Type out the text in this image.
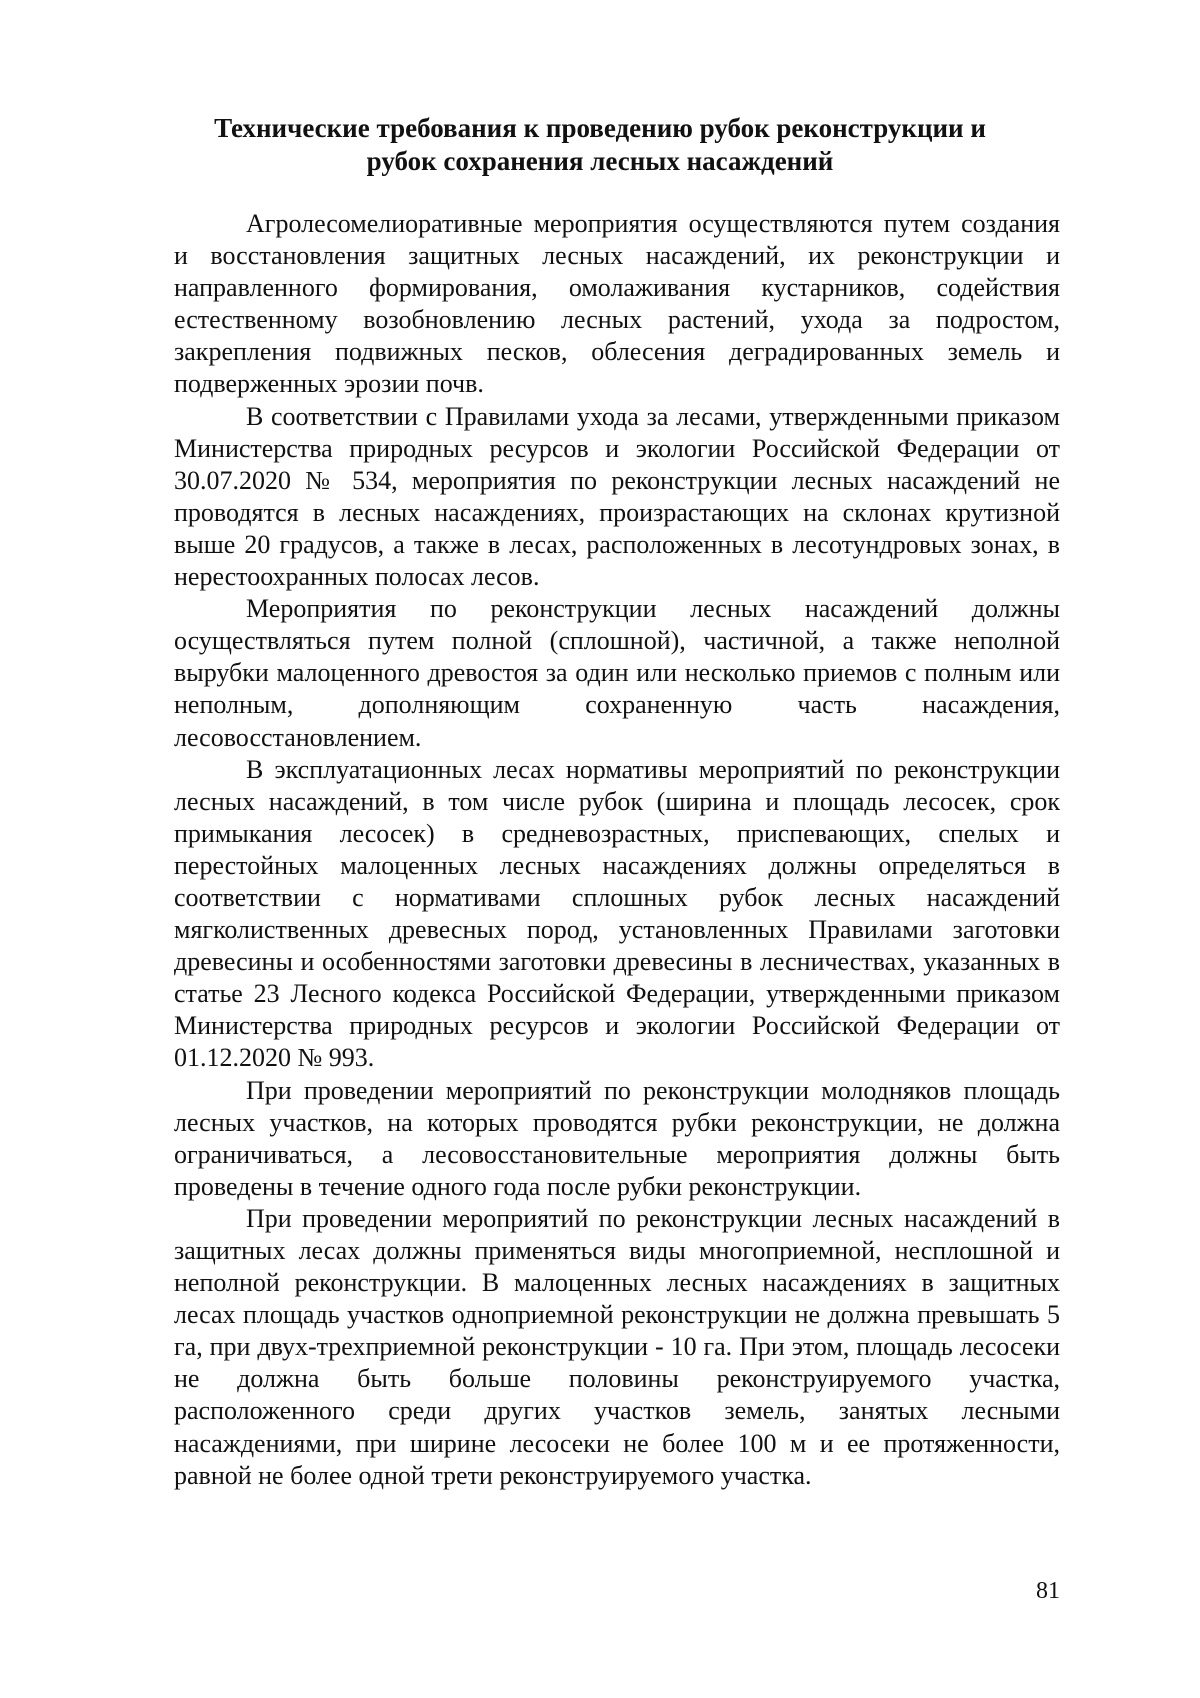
Технические требования к проведению рубок реконструкции и
рубок сохранения лесных насаждений

Агролесомелиоративные мероприятия осуществляются путем создания и восстановления защитных лесных насаждений, их реконструкции и направленного формирования, омолаживания кустарников, содействия естественному возобновлению лесных растений, ухода за подростом, закрепления подвижных песков, облесения деградированных земель и подверженных эрозии почв.

В соответствии с Правилами ухода за лесами, утвержденными приказом Министерства природных ресурсов и экологии Российской Федерации от 30.07.2020 № 534, мероприятия по реконструкции лесных насаждений не проводятся в лесных насаждениях, произрастающих на склонах крутизной выше 20 градусов, а также в лесах, расположенных в лесотундровых зонах, в нерестоохранных полосах лесов.

Мероприятия по реконструкции лесных насаждений должны осуществляться путем полной (сплошной), частичной, а также неполной вырубки малоценного древостоя за один или несколько приемов с полным или неполным, дополняющим сохраненную часть насаждения, лесовосстановлением.

В эксплуатационных лесах нормативы мероприятий по реконструкции лесных насаждений, в том числе рубок (ширина и площадь лесосек, срок примыкания лесосек) в средневозрастных, приспевающих, спелых и перестойных малоценных лесных насаждениях должны определяться в соответствии с нормативами сплошных рубок лесных насаждений мягколиственных древесных пород, установленных Правилами заготовки древесины и особенностями заготовки древесины в лесничествах, указанных в статье 23 Лесного кодекса Российской Федерации, утвержденными приказом Министерства природных ресурсов и экологии Российской Федерации от 01.12.2020 № 993.

При проведении мероприятий по реконструкции молодняков площадь лесных участков, на которых проводятся рубки реконструкции, не должна ограничиваться, а лесовосстановительные мероприятия должны быть проведены в течение одного года после рубки реконструкции.

При проведении мероприятий по реконструкции лесных насаждений в защитных лесах должны применяться виды многоприемной, несплошной и неполной реконструкции. В малоценных лесных насаждениях в защитных лесах площадь участков одноприемной реконструкции не должна превышать 5 га, при двух-трехприемной реконструкции - 10 га. При этом, площадь лесосеки не должна быть больше половины реконструируемого участка, расположенного среди других участков земель, занятых лесными насаждениями, при ширине лесосеки не более 100 м и ее протяженности, равной не более одной трети реконструируемого участка.

81
